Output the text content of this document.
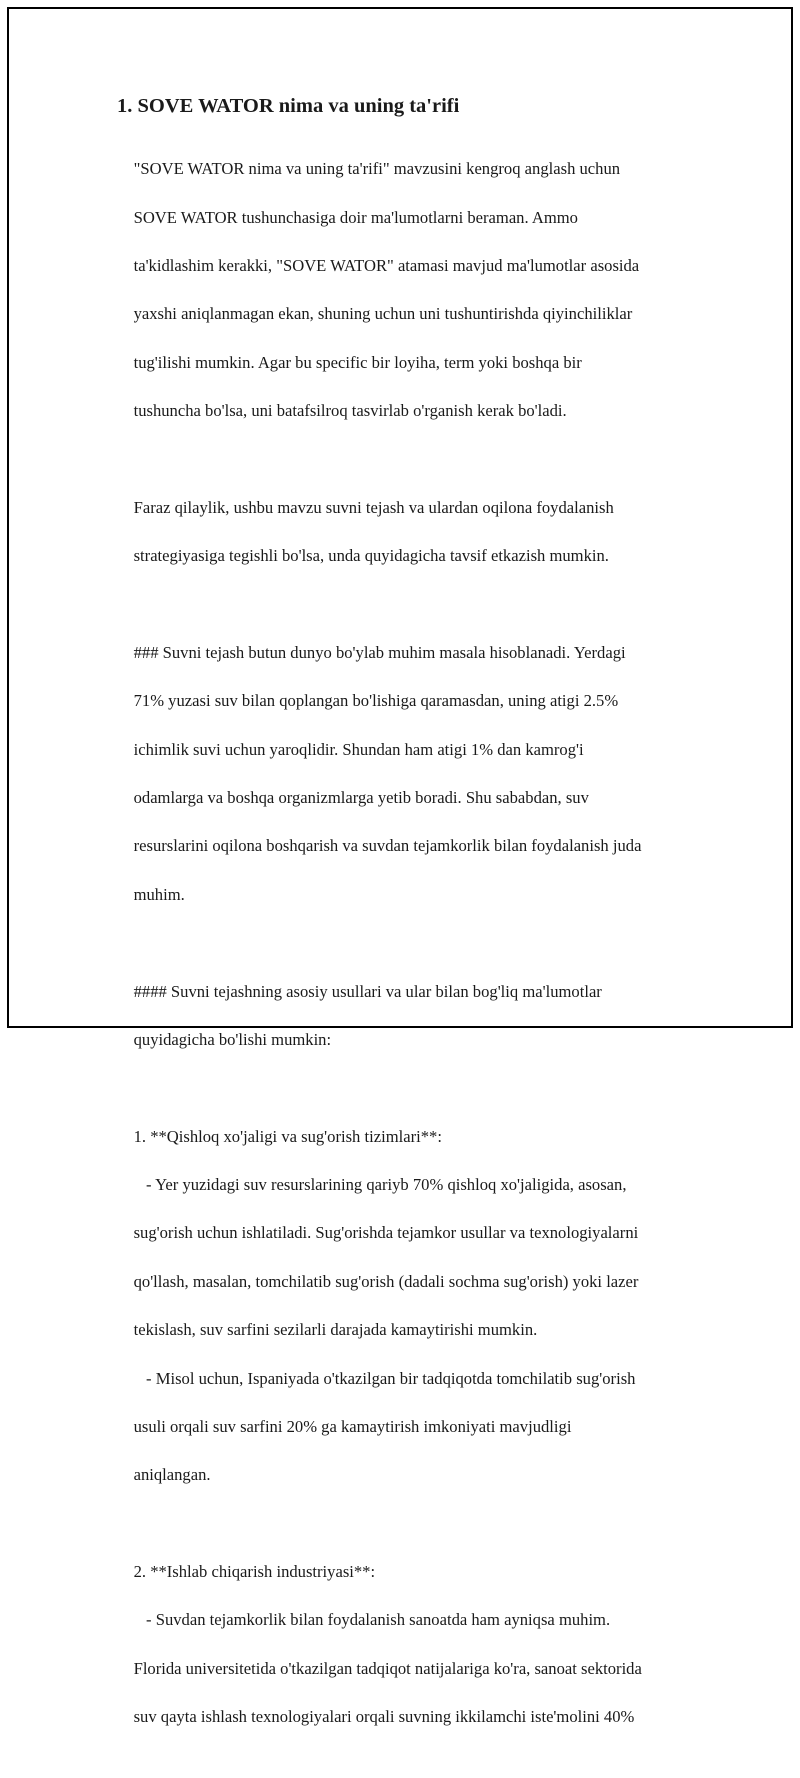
1. SOVE WATOR nima va uning ta'rifi

"SOVE WATOR nima va uning ta'rifi" mavzusini kengroq anglash uchun

SOVE WATOR tushunchasiga doir ma'lumotlarni beraman. Ammo

ta'kidlashim kerakki, "SOVE WATOR" atamasi mavjud ma'lumotlar asosida

yaxshi aniqlanmagan ekan, shuning uchun uni tushuntirishda qiyinchiliklar

tug'ilishi mumkin. Agar bu specific bir loyiha, term yoki boshqa bir

tushuncha bo'lsa, uni batafsilroq tasvirlab o'rganish kerak bo'ladi.

Faraz qilaylik, ushbu mavzu suvni tejash va ulardan oqilona foydalanish

strategiyasiga tegishli bo'lsa, unda quyidagicha tavsif etkazish mumkin.

### Suvni tejash butun dunyo bo'ylab muhim masala hisoblanadi. Yerdagi

71% yuzasi suv bilan qoplangan bo'lishiga qaramasdan, uning atigi 2.5%

ichimlik suvi uchun yaroqlidir. Shundan ham atigi 1% dan kamrog'i

odamlarga va boshqa organizmlarga yetib boradi. Shu sababdan, suv

resurslarini oqilona boshqarish va suvdan tejamkorlik bilan foydalanish juda

muhim.

#### Suvni tejashning asosiy usullari va ular bilan bog'liq ma'lumotlar

quyidagicha bo'lishi mumkin:

1. **Qishloq xo'jaligi va sug'orish tizimlari**:

- Yer yuzidagi suv resurslarining qariyb 70% qishloq xo'jaligida, asosan,

sug'orish uchun ishlatiladi. Sug'orishda tejamkor usullar va texnologiyalarni

qo'llash, masalan, tomchilatib sug'orish (dadali sochma sug'orish) yoki lazer

tekislash, suv sarfini sezilarli darajada kamaytirishi mumkin.

- Misol uchun, Ispaniyada o'tkazilgan bir tadqiqotda tomchilatib sug'orish

usuli orqali suv sarfini 20% ga kamaytirish imkoniyati mavjudligi

aniqlangan.

2. **Ishlab chiqarish industriyasi**:

- Suvdan tejamkorlik bilan foydalanish sanoatda ham ayniqsa muhim.

Florida universitetida o'tkazilgan tadqiqot natijalariga ko'ra, sanoat sektorida

suv qayta ishlash texnologiyalari orqali suvning ikkilamchi iste'molini 40%
